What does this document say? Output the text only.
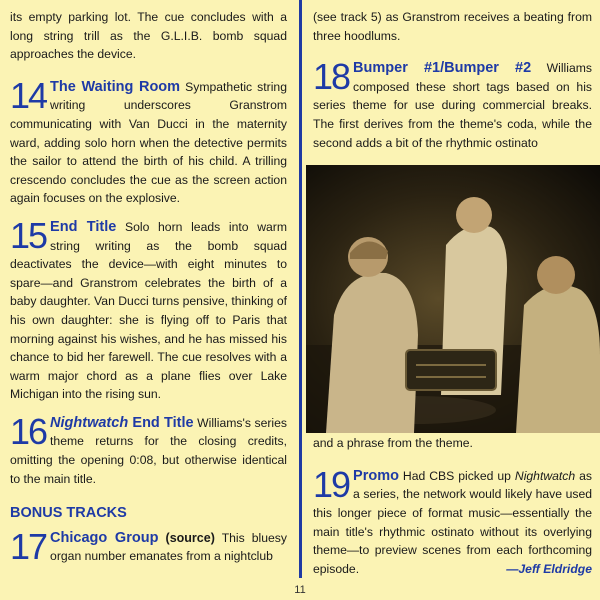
its empty parking lot. The cue concludes with a long string trill as the G.L.I.B. bomb squad approaches the device.
14 The Waiting Room Sympathetic string writing underscores Granstrom communicating with Van Ducci in the maternity ward, adding solo horn when the detective permits the sailor to attend the birth of his child. A trilling crescendo concludes the cue as the screen action again focuses on the explosive.
15 End Title Solo horn leads into warm string writing as the bomb squad deactivates the device—with eight minutes to spare—and Granstrom celebrates the birth of a baby daughter. Van Ducci turns pensive, thinking of his own daughter: she is flying off to Paris that morning against his wishes, and he has missed his chance to bid her farewell. The cue resolves with a warm major chord as a plane flies over Lake Michigan into the rising sun.
16 Nightwatch End Title Williams's series theme returns for the closing credits, omitting the opening 0:08, but otherwise identical to the main title.
BONUS TRACKS
17 Chicago Group (source) This bluesy organ number emanates from a nightclub
(see track 5) as Granstrom receives a beating from three hoodlums.
18 Bumper #1/Bumper #2 Williams composed these short tags based on his series theme for use during commercial breaks. The first derives from the theme's coda, while the second adds a bit of the rhythmic ostinato
and a phrase from the theme.
19 Promo Had CBS picked up Nightwatch as a series, the network would likely have used this longer piece of format music—essentially the main title's rhythmic ostinato without its overlying theme—to preview scenes from each forthcoming episode.	—Jeff Eldridge
11
